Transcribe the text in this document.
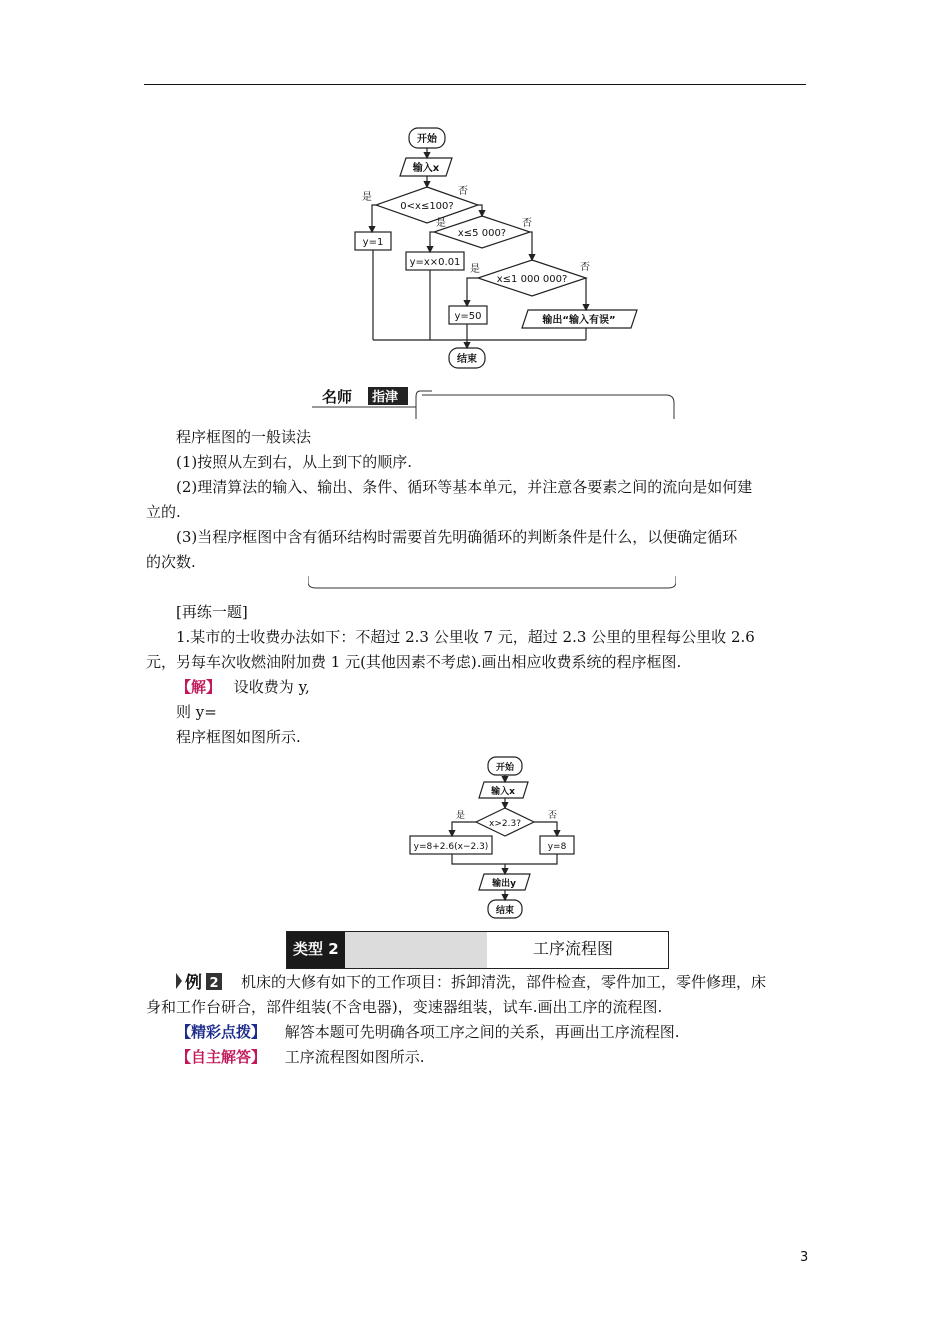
开始
输入x
0<x≤100?
是
否
y=1
x≤5 000?
是	否
y=x×0.01
x≤1 000 000?
是	否
y=50	输出“输入有误”
结束
名师 指津
程序框图的一般读法
(1)按照从左到右，从上到下的顺序.
(2)理清算法的输入、输出、条件、循环等基本单元，并注意各要素之间的流向是如何建
立的.
(3)当程序框图中含有循环结构时需要首先明确循环的判断条件是什么，以便确定循环
的次数.
[再练一题]
1.某市的士收费办法如下：不超过 2.3 公里收 7 元，超过 2.3 公里的里程每公里收 2.6
元，另每车次收燃油附加费 1 元(其他因素不考虑).画出相应收费系统的程序框图.
【解】 设收费为 y,
则 y=
程序框图如图所示.
开始
输入x
x>2.3?
是	否
y=8+2.6(x−2.3)	y=8
输出y
结束
类型 2	工序流程图
例 2 机床的大修有如下的工作项目：拆卸清洗，部件检查，零件加工，零件修理，床
身和工作台研合，部件组装(不含电器)，变速器组装，试车.画出工序的流程图.
【精彩点拨】 解答本题可先明确各项工序之间的关系，再画出工序流程图.
【自主解答】 工序流程图如图所示.
3
